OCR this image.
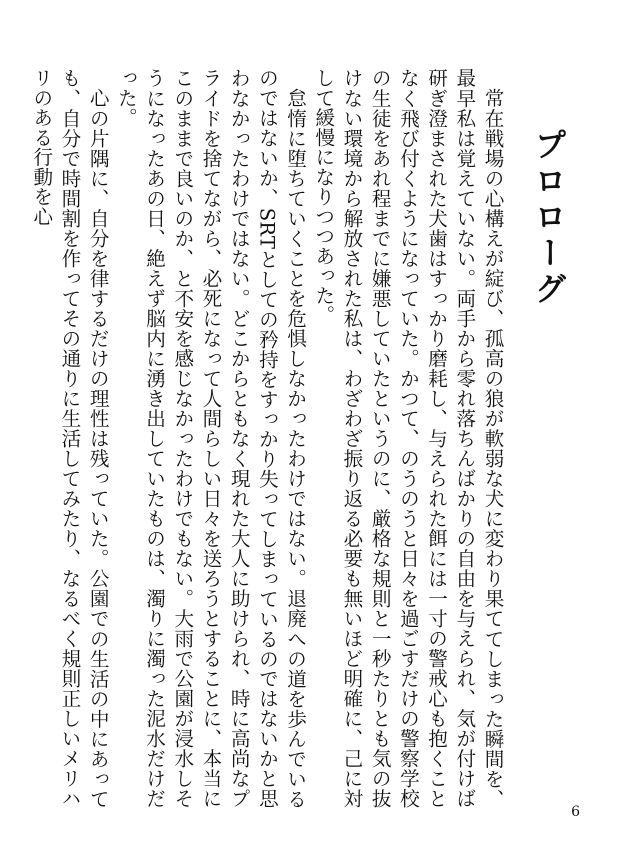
プロローグ

常在戦場の心構えが綻び、孤高の狼が軟弱な犬に変わり果ててしまった瞬間を、最早私は覚えていない。両手から零れ落ちんばかりの自由を与えられ、気が付けば研ぎ澄まされた犬歯はすっかり磨耗し、与えられた餌には一寸の警戒心も抱くことなく飛び付くようになっていた。かつて、のうのうと日々を過ごすだけの警察学校の生徒をあれ程までに嫌悪していたというのに、厳格な規則と一秒たりとも気の抜けない環境から解放された私は、わざわざ振り返る必要も無いほど明確に、己に対して緩慢になりつつあった。

怠惰に堕ちていくことを危惧しなかったわけではない。退廃への道を歩んでいるのではないか、SRTとしての矜持をすっかり失ってしまっているのではないかと思わなかったわけではない。どこからともなく現れた大人に助けられ、時に高尚なプライドを捨てながら、必死になって人間らしい日々を送ろうとすることに、本当にこのままで良いのか、と不安を感じなかったわけでもない。大雨で公園が浸水しそうになったあの日、絶えず脳内に湧き出していたものは、濁りに濁った泥水だけだった。

心の片隅に、自分を律するだけの理性は残っていた。公園での生活の中にあっても、自分で時間割を作ってその通りに生活してみたり、なるべく規則正しいメリハリのある行動を心

6
